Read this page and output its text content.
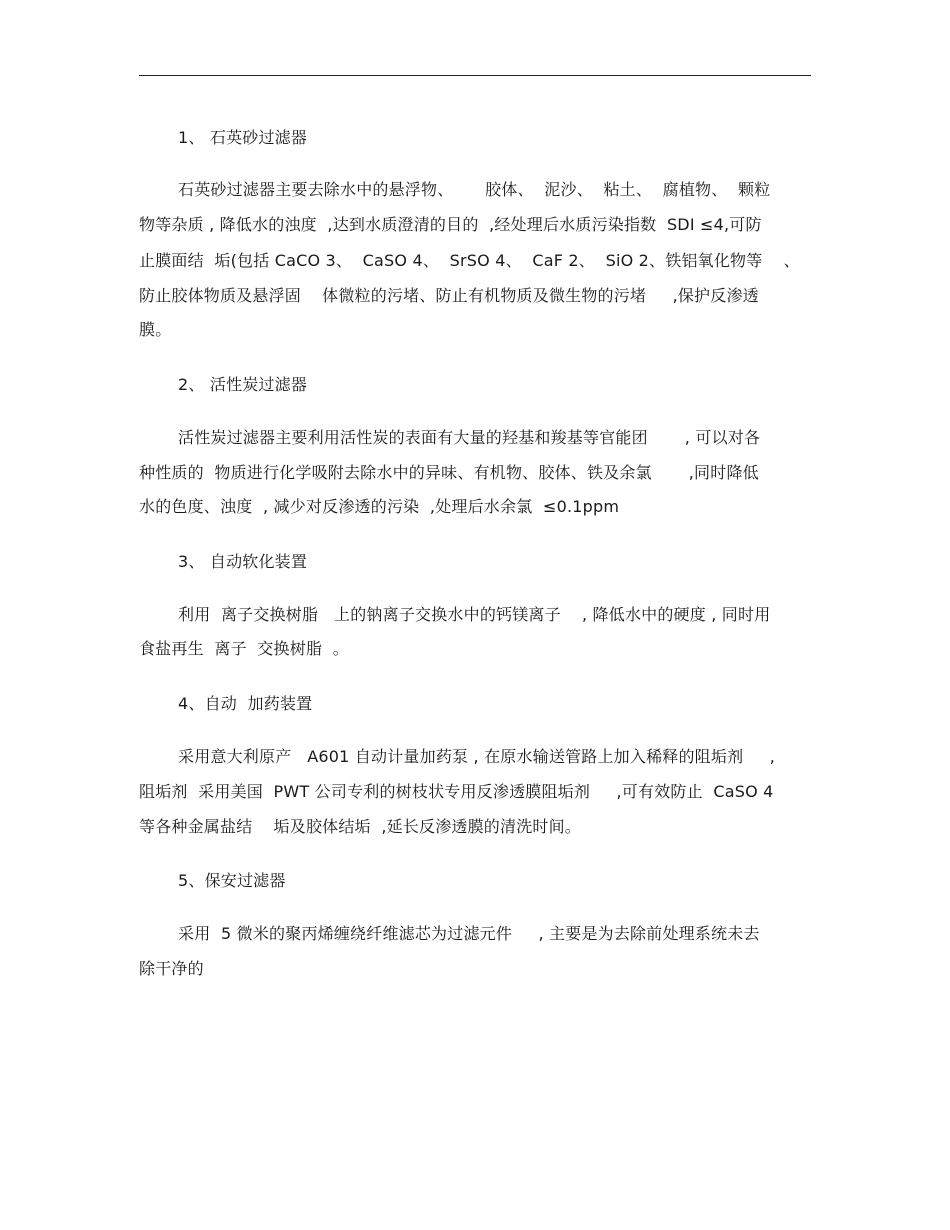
1、 石英砂过滤器
石英砂过滤器主要去除水中的悬浮物、      胶体、  泥沙、  粘土、  腐植物、  颗粒
物等杂质 , 降低水的浊度  ,达到水质澄清的目的  ,经处理后水质污染指数  SDI ≤4,可防
止膜面结  垢(包括 CaCO 3、  CaSO 4、  SrSO 4、  CaF 2、  SiO 2、铁铝氧化物等    、
防止胶体物质及悬浮固    体微粒的污堵、防止有机物质及微生物的污堵     ,保护反渗透
膜。
2、 活性炭过滤器
活性炭过滤器主要利用活性炭的表面有大量的羟基和羧基等官能团       , 可以对各
种性质的  物质进行化学吸附去除水中的异味、有机物、胶体、铁及余氯       ,同时降低
水的色度、浊度  , 减少对反渗透的污染  ,处理后水余氯  ≤0.1ppm
3、 自动软化装置
利用  离子交换树脂   上的钠离子交换水中的钙镁离子    , 降低水中的硬度 , 同时用
食盐再生  离子  交换树脂  。
4、自动  加药装置
采用意大利原产   A601 自动计量加药泵 , 在原水输送管路上加入稀释的阻垢剂     ,
阻垢剂  采用美国  PWT 公司专利的树枝状专用反渗透膜阻垢剂     ,可有效防止  CaSO 4
等各种金属盐结    垢及胶体结垢  ,延长反渗透膜的清洗时间。
5、保安过滤器
采用  5 微米的聚丙烯缠绕纤维滤芯为过滤元件     , 主要是为去除前处理系统未去
除干净的
